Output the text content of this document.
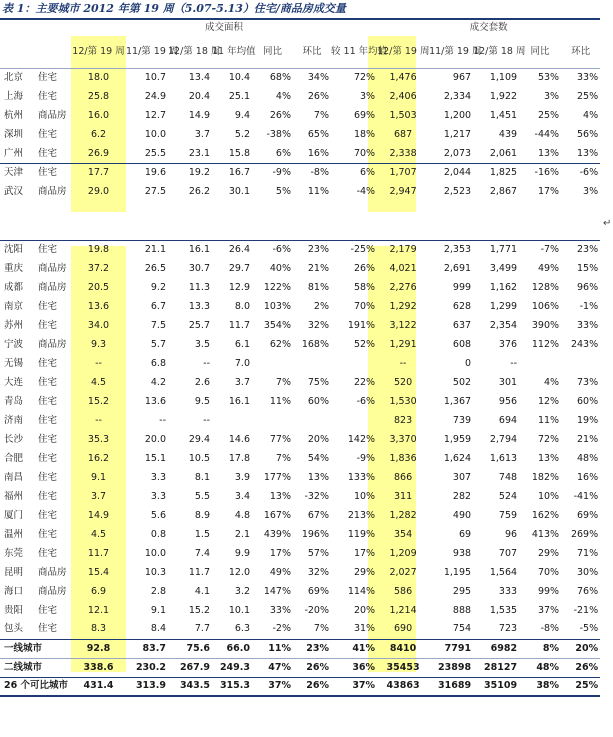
表 1：主要城市 2012 年第 19 周（5.07-5.13）住宅/商品房成交量
		成交面积							成交套数				
		12/第 19 周	11/第 19 周	12/第 18 周	11 年均值	同比	环比	较 11 年均值	12/第 19 周	11/第 19 周	12/第 18 周	同比	环比
北京	住宅	18.0	10.7	13.4	10.4	68%	34%	72%	1,476	967	1,109	53%	33%
上海	住宅	25.8	24.9	20.4	25.1	4%	26%	3%	2,406	2,334	1,922	3%	25%
杭州	商品房	16.0	12.7	14.9	9.4	26%	7%	69%	1,503	1,200	1,451	25%	4%
深圳	住宅	6.2	10.0	3.7	5.2	-38%	65%	18%	687	1,217	439	-44%	56%
广州	住宅	26.9	25.5	23.1	15.8	6%	16%	70%	2,338	2,073	2,061	13%	13%
天津	住宅	17.7	19.6	19.2	16.7	-9%	-8%	6%	1,707	2,044	1,825	-16%	-6%
武汉	商品房	29.0	27.5	26.2	30.1	5%	11%	-4%	2,947	2,523	2,867	17%	3%

沈阳	住宅	19.8	21.1	16.1	26.4	-6%	23%	-25%	2,179	2,353	1,771	-7%	23%
重庆	商品房	37.2	26.5	30.7	29.7	40%	21%	26%	4,021	2,691	3,499	49%	15%
成都	商品房	20.5	9.2	11.3	12.9	122%	81%	58%	2,276	999	1,162	128%	96%
南京	住宅	13.6	6.7	13.3	8.0	103%	2%	70%	1,292	628	1,299	106%	-1%
苏州	住宅	34.0	7.5	25.7	11.7	354%	32%	191%	3,122	637	2,354	390%	33%
宁波	商品房	9.3	5.7	3.5	6.1	62%	168%	52%	1,291	608	376	112%	243%
无锡	住宅	--	6.8	--	7.0				--	0	--		
大连	住宅	4.5	4.2	2.6	3.7	7%	75%	22%	520	502	301	4%	73%
青岛	住宅	15.2	13.6	9.5	16.1	11%	60%	-6%	1,530	1,367	956	12%	60%
济南	住宅	--	--	--					823	739	694	11%	19%
长沙	住宅	35.3	20.0	29.4	14.6	77%	20%	142%	3,370	1,959	2,794	72%	21%
合肥	住宅	16.2	15.1	10.5	17.8	7%	54%	-9%	1,836	1,624	1,613	13%	48%
南昌	住宅	9.1	3.3	8.1	3.9	177%	13%	133%	866	307	748	182%	16%
福州	住宅	3.7	3.3	5.5	3.4	13%	-32%	10%	311	282	524	10%	-41%
厦门	住宅	14.9	5.6	8.9	4.8	167%	67%	213%	1,282	490	759	162%	69%
温州	住宅	4.5	0.8	1.5	2.1	439%	196%	119%	354	69	96	413%	269%
东莞	住宅	11.7	10.0	7.4	9.9	17%	57%	17%	1,209	938	707	29%	71%
昆明	商品房	15.4	10.3	11.7	12.0	49%	32%	29%	2,027	1,195	1,564	70%	30%
海口	商品房	6.9	2.8	4.1	3.2	147%	69%	114%	586	295	333	99%	76%
贵阳	住宅	12.1	9.1	15.2	10.1	33%	-20%	20%	1,214	888	1,535	37%	-21%
包头	住宅	8.3	8.4	7.7	6.3	-2%	7%	31%	690	754	723	-8%	-5%
一线城市		92.8	83.7	75.6	66.0	11%	23%	41%	8410	7791	6982	8%	20%
二线城市		338.6	230.2	267.9	249.3	47%	26%	36%	35453	23898	28127	48%	26%
26 个可比城市		431.4	313.9	343.5	315.3	37%	26%	37%	43863	31689	35109	38%	25%
↵
